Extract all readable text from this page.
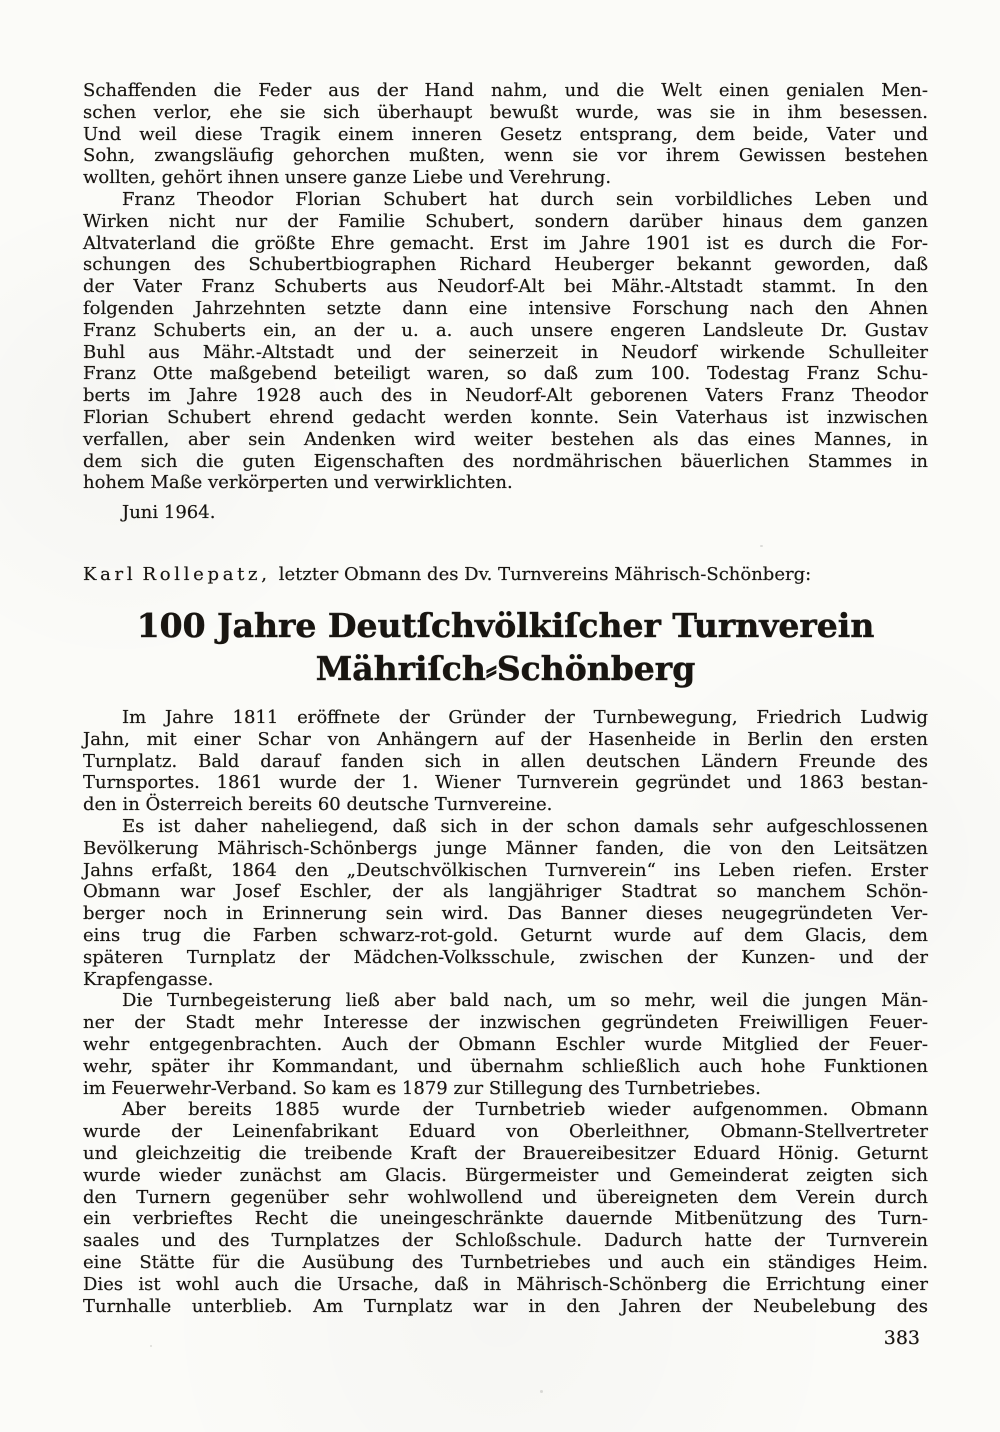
Schaffenden die Feder aus der Hand nahm, und die Welt einen genialen Men-
schen verlor, ehe sie sich überhaupt bewußt wurde, was sie in ihm besessen.
Und weil diese Tragik einem inneren Gesetz entsprang, dem beide, Vater und
Sohn, zwangsläufig gehorchen mußten, wenn sie vor ihrem Gewissen bestehen
wollten, gehört ihnen unsere ganze Liebe und Verehrung.
Franz Theodor Florian Schubert hat durch sein vorbildliches Leben und
Wirken nicht nur der Familie Schubert, sondern darüber hinaus dem ganzen
Altvaterland die größte Ehre gemacht. Erst im Jahre 1901 ist es durch die For-
schungen des Schubertbiographen Richard Heuberger bekannt geworden, daß
der Vater Franz Schuberts aus Neudorf-Alt bei Mähr.-Altstadt stammt. In den
folgenden Jahrzehnten setzte dann eine intensive Forschung nach den Ahnen
Franz Schuberts ein, an der u. a. auch unsere engeren Landsleute Dr. Gustav
Buhl aus Mähr.-Altstadt und der seinerzeit in Neudorf wirkende Schulleiter
Franz Otte maßgebend beteiligt waren, so daß zum 100. Todestag Franz Schu-
berts im Jahre 1928 auch des in Neudorf-Alt geborenen Vaters Franz Theodor
Florian Schubert ehrend gedacht werden konnte. Sein Vaterhaus ist inzwischen
verfallen, aber sein Andenken wird weiter bestehen als das eines Mannes, in
dem sich die guten Eigenschaften des nordmährischen bäuerlichen Stammes in
hohem Maße verkörperten und verwirklichten.
Juni 1964.
Karl Rollepatz, letzter Obmann des Dv. Turnvereins Mährisch-Schönberg:
100 Jahre Deutſchvölkiſcher Turnverein
Mähriſch⸗Schönberg
Im Jahre 1811 eröffnete der Gründer der Turnbewegung, Friedrich Ludwig
Jahn, mit einer Schar von Anhängern auf der Hasenheide in Berlin den ersten
Turnplatz. Bald darauf fanden sich in allen deutschen Ländern Freunde des
Turnsportes. 1861 wurde der 1. Wiener Turnverein gegründet und 1863 bestan-
den in Österreich bereits 60 deutsche Turnvereine.
Es ist daher naheliegend, daß sich in der schon damals sehr aufgeschlossenen
Bevölkerung Mährisch-Schönbergs junge Männer fanden, die von den Leitsätzen
Jahns erfaßt, 1864 den „Deutschvölkischen Turnverein“ ins Leben riefen. Erster
Obmann war Josef Eschler, der als langjähriger Stadtrat so manchem Schön-
berger noch in Erinnerung sein wird. Das Banner dieses neugegründeten Ver-
eins trug die Farben schwarz-rot-gold. Geturnt wurde auf dem Glacis, dem
späteren Turnplatz der Mädchen-Volksschule, zwischen der Kunzen- und der
Krapfengasse.
Die Turnbegeisterung ließ aber bald nach, um so mehr, weil die jungen Män-
ner der Stadt mehr Interesse der inzwischen gegründeten Freiwilligen Feuer-
wehr entgegenbrachten. Auch der Obmann Eschler wurde Mitglied der Feuer-
wehr, später ihr Kommandant, und übernahm schließlich auch hohe Funktionen
im Feuerwehr-Verband. So kam es 1879 zur Stillegung des Turnbetriebes.
Aber bereits 1885 wurde der Turnbetrieb wieder aufgenommen. Obmann
wurde der Leinenfabrikant Eduard von Oberleithner, Obmann-Stellvertreter
und gleichzeitig die treibende Kraft der Brauereibesitzer Eduard Hönig. Geturnt
wurde wieder zunächst am Glacis. Bürgermeister und Gemeinderat zeigten sich
den Turnern gegenüber sehr wohlwollend und übereigneten dem Verein durch
ein verbrieftes Recht die uneingeschränkte dauernde Mitbenützung des Turn-
saales und des Turnplatzes der Schloßschule. Dadurch hatte der Turnverein
eine Stätte für die Ausübung des Turnbetriebes und auch ein ständiges Heim.
Dies ist wohl auch die Ursache, daß in Mährisch-Schönberg die Errichtung einer
Turnhalle unterblieb. Am Turnplatz war in den Jahren der Neubelebung des
383
